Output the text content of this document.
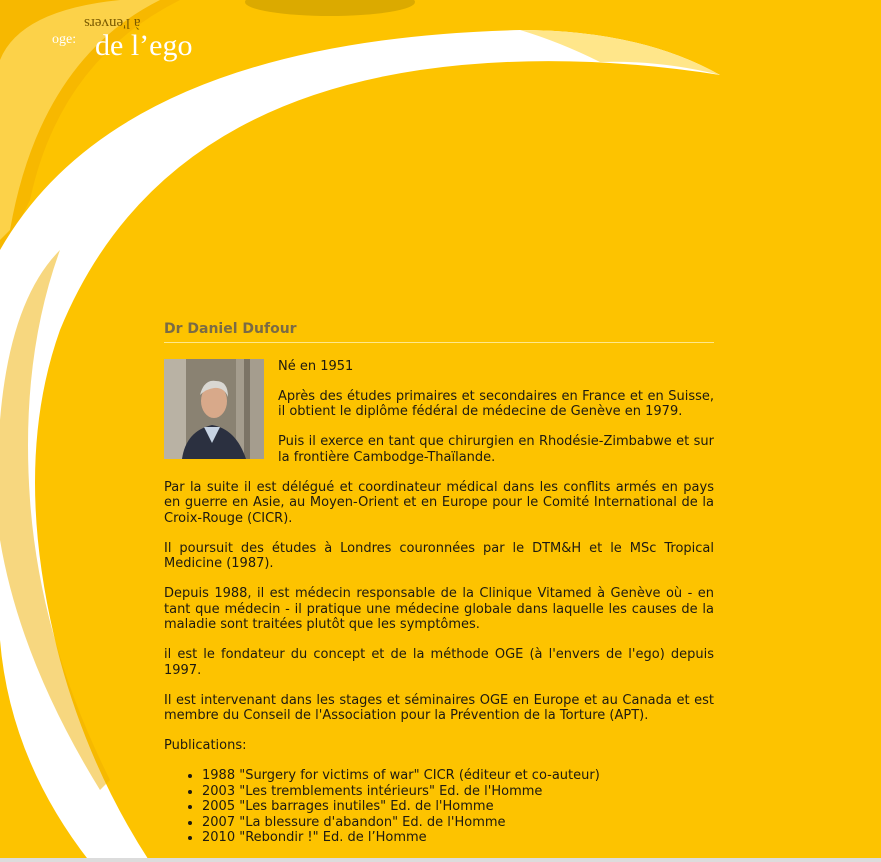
à l'envers
oge: de l’ego
Dr Daniel Dufour

Né en 1951

Après des études primaires et secondaires en France et en Suisse, il obtient le diplôme fédéral de médecine de Genève en 1979.

Puis il exerce en tant que chirurgien en Rhodésie-Zimbabwe et sur la frontière Cambodge-Thaïlande.

Par la suite il est délégué et coordinateur médical dans les conflits armés en pays en guerre en Asie, au Moyen-Orient et en Europe pour le Comité International de la Croix-Rouge (CICR).

Il poursuit des études à Londres couronnées par le DTM&H et le MSc Tropical Medicine (1987).

Depuis 1988, il est médecin responsable de la Clinique Vitamed à Genève où - en tant que médecin - il pratique une médecine globale dans laquelle les causes de la maladie sont traitées plutôt que les symptômes.

il est le fondateur du concept et de la méthode OGE (à l'envers de l'ego) depuis 1997.

Il est intervenant dans les stages et séminaires OGE en Europe et au Canada et est membre du Conseil de l'Association pour la Prévention de la Torture (APT).

Publications:

• 1988 "Surgery for victims of war" CICR (éditeur et co-auteur)
• 2003 "Les tremblements intérieurs" Ed. de l'Homme
• 2005 "Les barrages inutiles" Ed. de l'Homme
• 2007 "La blessure d'abandon" Ed. de l'Homme
• 2010 "Rebondir !" Ed. de l’Homme
